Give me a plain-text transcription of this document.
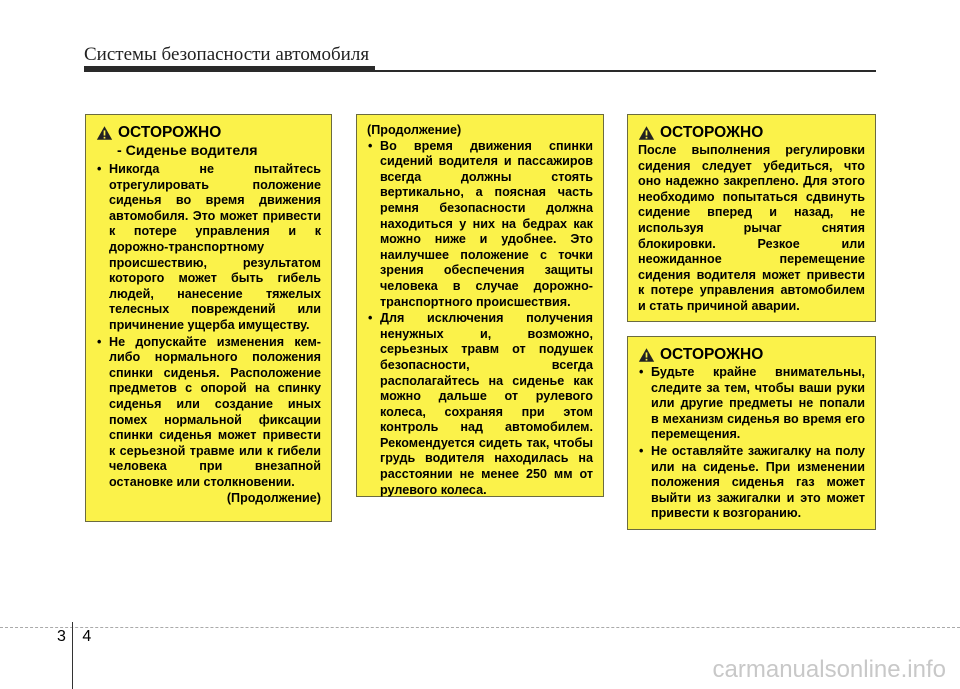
Системы безопасности автомобиля
ОСТОРОЖНО
- Сиденье водителя
• Никогда не пытайтесь отрегулировать положение сиденья во время движения автомобиля. Это может привести к потере управления и к дорожно-транспортному происшествию, результатом которого может быть гибель людей, нанесение тяжелых телесных повреждений или причинение ущерба имуществу.
• Не допускайте изменения кем-либо нормального положения спинки сиденья. Расположение предметов с опорой на спинку сиденья или создание иных помех нормальной фиксации спинки сиденья может привести к серьезной травме или к гибели человека при внезапной остановке или столкновении.
(Продолжение)
(Продолжение)
• Во время движения спинки сидений водителя и пассажиров всегда должны стоять вертикально, а поясная часть ремня безопасности должна находиться у них на бедрах как можно ниже и удобнее. Это наилучшее положение с точки зрения обеспечения защиты человека в случае дорожно-транспортного происшествия.
• Для исключения получения ненужных и, возможно, серьезных травм от подушек безопасности, всегда располагайтесь на сиденье как можно дальше от рулевого колеса, сохраняя при этом контроль над автомобилем. Рекомендуется сидеть так, чтобы грудь водителя находилась на расстоянии не менее 250 мм от рулевого колеса.
ОСТОРОЖНО
После выполнения регулировки сидения следует убедиться, что оно надежно закреплено. Для этого необходимо попытаться сдвинуть сидение вперед и назад, не используя рычаг снятия блокировки. Резкое или неожиданное перемещение сидения водителя может привести к потере управления автомобилем и стать причиной аварии.
ОСТОРОЖНО
• Будьте крайне внимательны, следите за тем, чтобы ваши руки или другие предметы не попали в механизм сиденья во время его перемещения.
• Не оставляйте зажигалку на полу или на сиденье. При изменении положения сиденья газ может выйти из зажигалки и это может привести к возгоранию.
3 4
carmanualsonline.info
